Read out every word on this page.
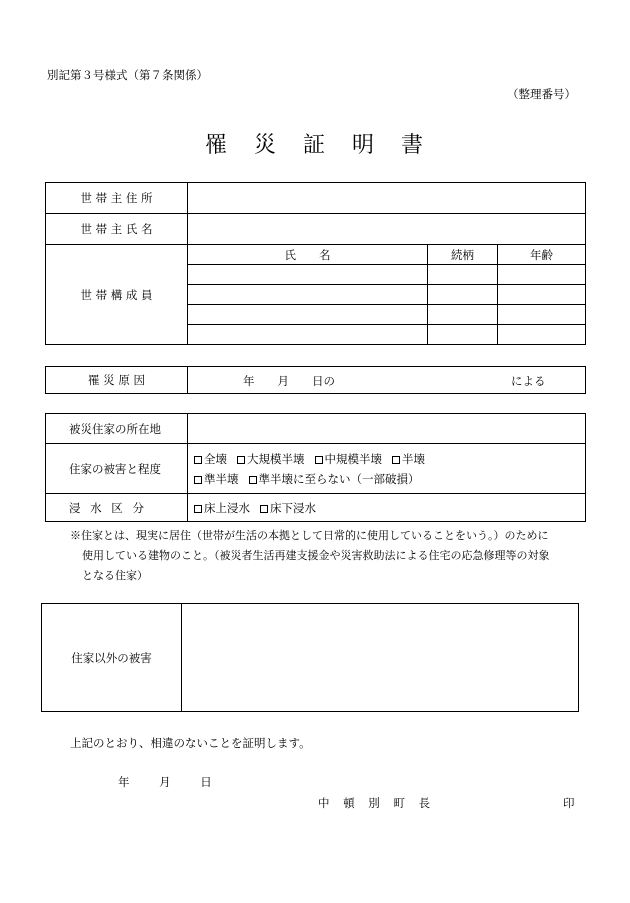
別記第３号様式（第７条関係）
（整理番号）
罹 災 証 明 書
世 帯 主 住 所			
世 帯 主 氏 名			
世 帯 構 成 員	氏　　名	続柄	年齢

罹 災 原 因	年　　月　　日の	による
被災住家の所在地	
住家の被害と程度	全壊 大規模半壊 中規模半壊 半壊
準半壊 準半壊に至らない（一部破損）

浸 水 区 分	床上浸水 床下浸水
※住家とは、現実に居住（世帯が生活の本拠として日常的に使用していることをいう。）のために
使用している建物のこと。（被災者生活再建支援金や災害救助法による住宅の応急修理等の対象
となる住家）
住家以外の被害	
上記のとおり、相違のないことを証明します。
年 月 日
中 頓 別 町 長	印
